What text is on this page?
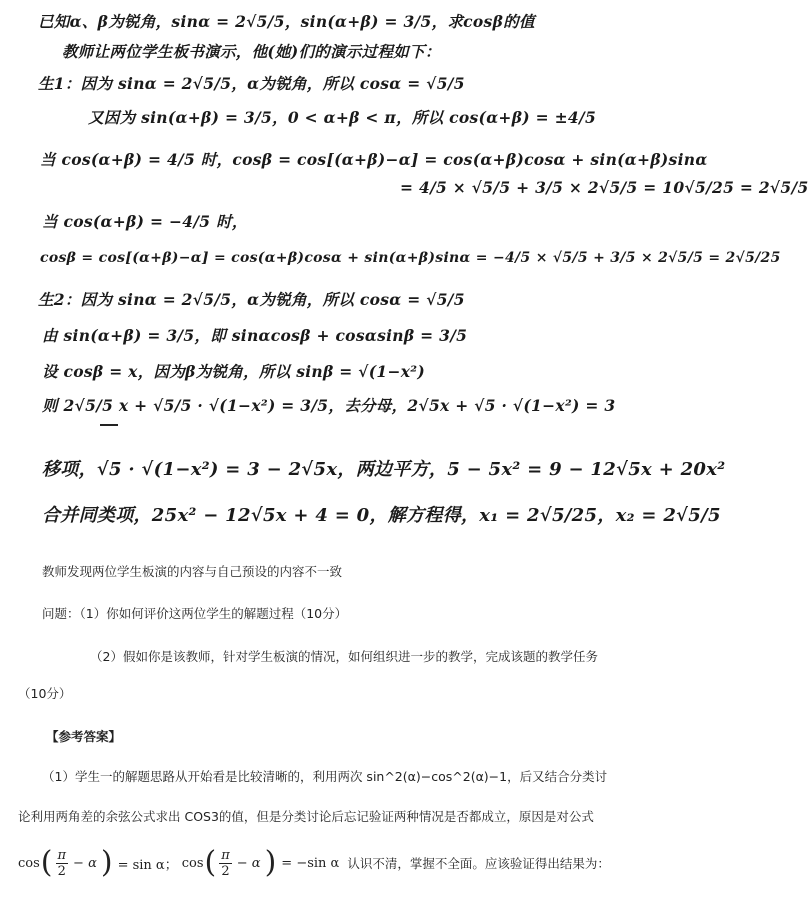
已知α、β为锐角，sinα = 2√5/5，sin(α+β) = 3/5，求cosβ的值
教师让两位学生板书演示，他(她)们的演示过程如下：
生1：因为 sinα = 2√5/5，α为锐角，所以 cosα = √5/5
又因为 sin(α+β) = 3/5，0 < α+β < π，所以 cos(α+β) = ±4/5
当 cos(α+β) = 4/5 时，cosβ = cos[(α+β)−α] = cos(α+β)cosα + sin(α+β)sinα
= 4/5 × √5/5 + 3/5 × 2√5/5 = 10√5/25 = 2√5/5
当 cos(α+β) = −4/5 时，
cosβ = cos[(α+β)−α] = cos(α+β)cosα + sin(α+β)sinα = −4/5 × √5/5 + 3/5 × 2√5/5 = 2√5/25
生2：因为 sinα = 2√5/5，α为锐角，所以 cosα = √5/5
由 sin(α+β) = 3/5，即 sinαcosβ + cosαsinβ = 3/5
设 cosβ = x，因为β为锐角，所以 sinβ = √(1−x²)
则 2√5/5 x + √5/5 · √(1−x²) = 3/5，去分母，2√5x + √5 · √(1−x²) = 3
移项，√5 · √(1−x²) = 3 − 2√5x，两边平方，5 − 5x² = 9 − 12√5x + 20x²
合并同类项，25x² − 12√5x + 4 = 0，解方程得，x₁ = 2√5/25，x₂ = 2√5/5
教师发现两位学生板演的内容与自己预设的内容不一致
问题：（1）你如何评价这两位学生的解题过程（10分）
（2）假如你是该教师，针对学生板演的情况，如何组织进一步的教学，完成该题的教学任务
（10分）
【参考答案】
（1）学生一的解题思路从开始看是比较清晰的，利用两次 sin^2(α)−cos^2(α)−1，后又结合分类讨
论利用两角差的余弦公式求出 COS3的值，但是分类讨论后忘记验证两种情况是否都成立，原因是对公式
cos ( $\frac{\pi}{2} - \alpha$ ) = sin α； cos ( $\frac{\pi}{2} - \alpha$ ) = −sin α 认识不清，掌握不全面。应该验证得出结果为：
